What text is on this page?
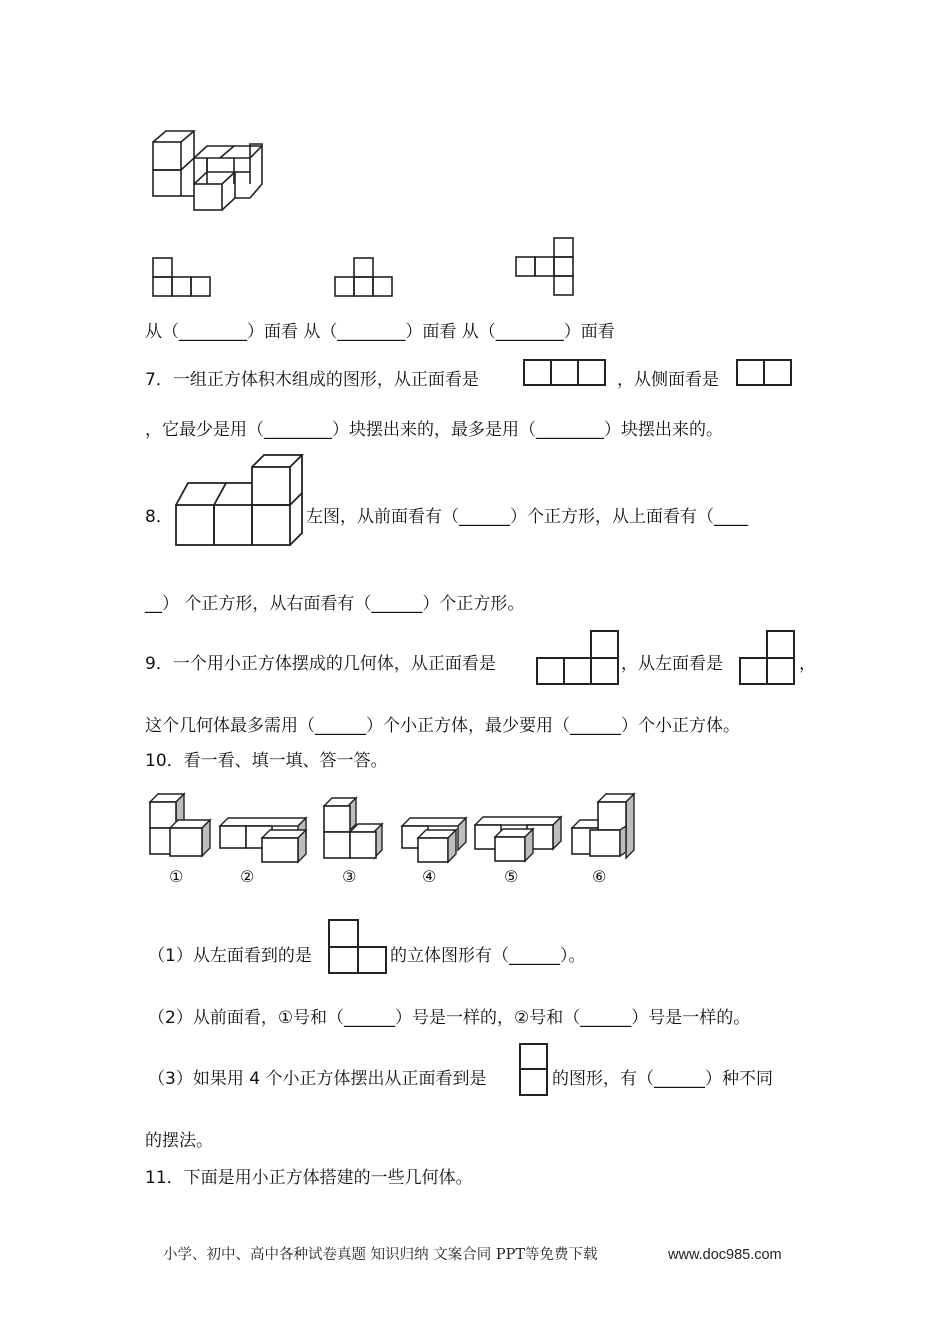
从（________）面看 从（________）面看 从（________）面看
7．一组正方体积木组成的图形，从正面看是	，从侧面看是
，它最少是用（________）块摆出来的，最多是用（________）块摆出来的。
8．	左图，从前面看有（______）个正方形，从上面看有（____
__） 个正方形，从右面看有（______）个正方形。
9．一个用小正方体摆成的几何体，从正面看是	，从左面看是	，
这个几何体最多需用（______）个小正方体，最少要用（______）个小正方体。
10．看一看、填一填、答一答。
①	②	③	④	⑤	⑥
（1）从左面看到的是	的立体图形有（______）。
（2）从前面看，①号和（______）号是一样的，②号和（______）号是一样的。
（3）如果用 4 个小正方体摆出从正面看到是	的图形，有（______）种不同
的摆法。
11．下面是用小正方体搭建的一些几何体。
小学、初中、高中各种试卷真题 知识归纳 文案合同 PPT等免费下载	www.doc985.com
